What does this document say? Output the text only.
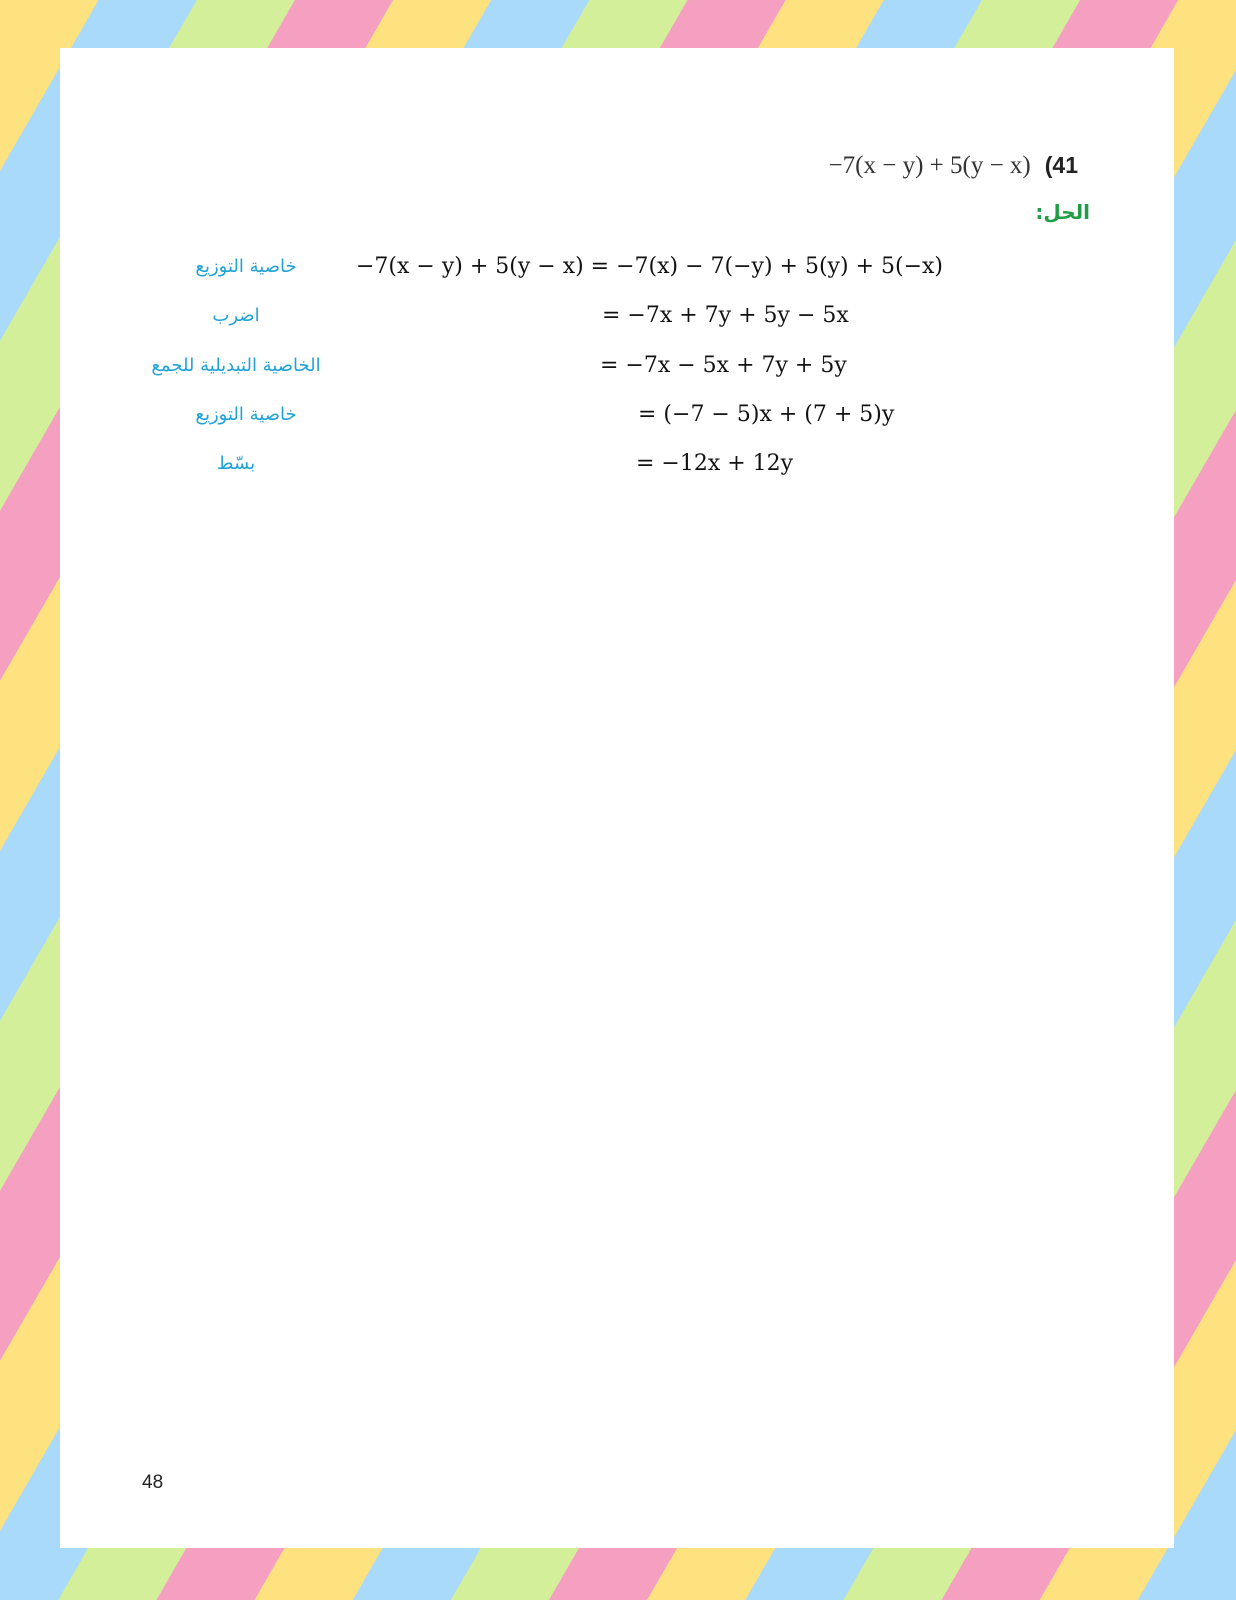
−7(x − y) + 5(y − x) (41
الحل:
−7(x − y) + 5(y − x) = −7(x) − 7(−y) + 5(y) + 5(−x)
خاصية التوزيع
= −7x + 7y + 5y − 5x
اضرب
= −7x − 5x + 7y + 5y
الخاصية التبديلية للجمع
= (−7 − 5)x + (7 + 5)y
خاصية التوزيع
= −12x + 12y
بسّط
48
